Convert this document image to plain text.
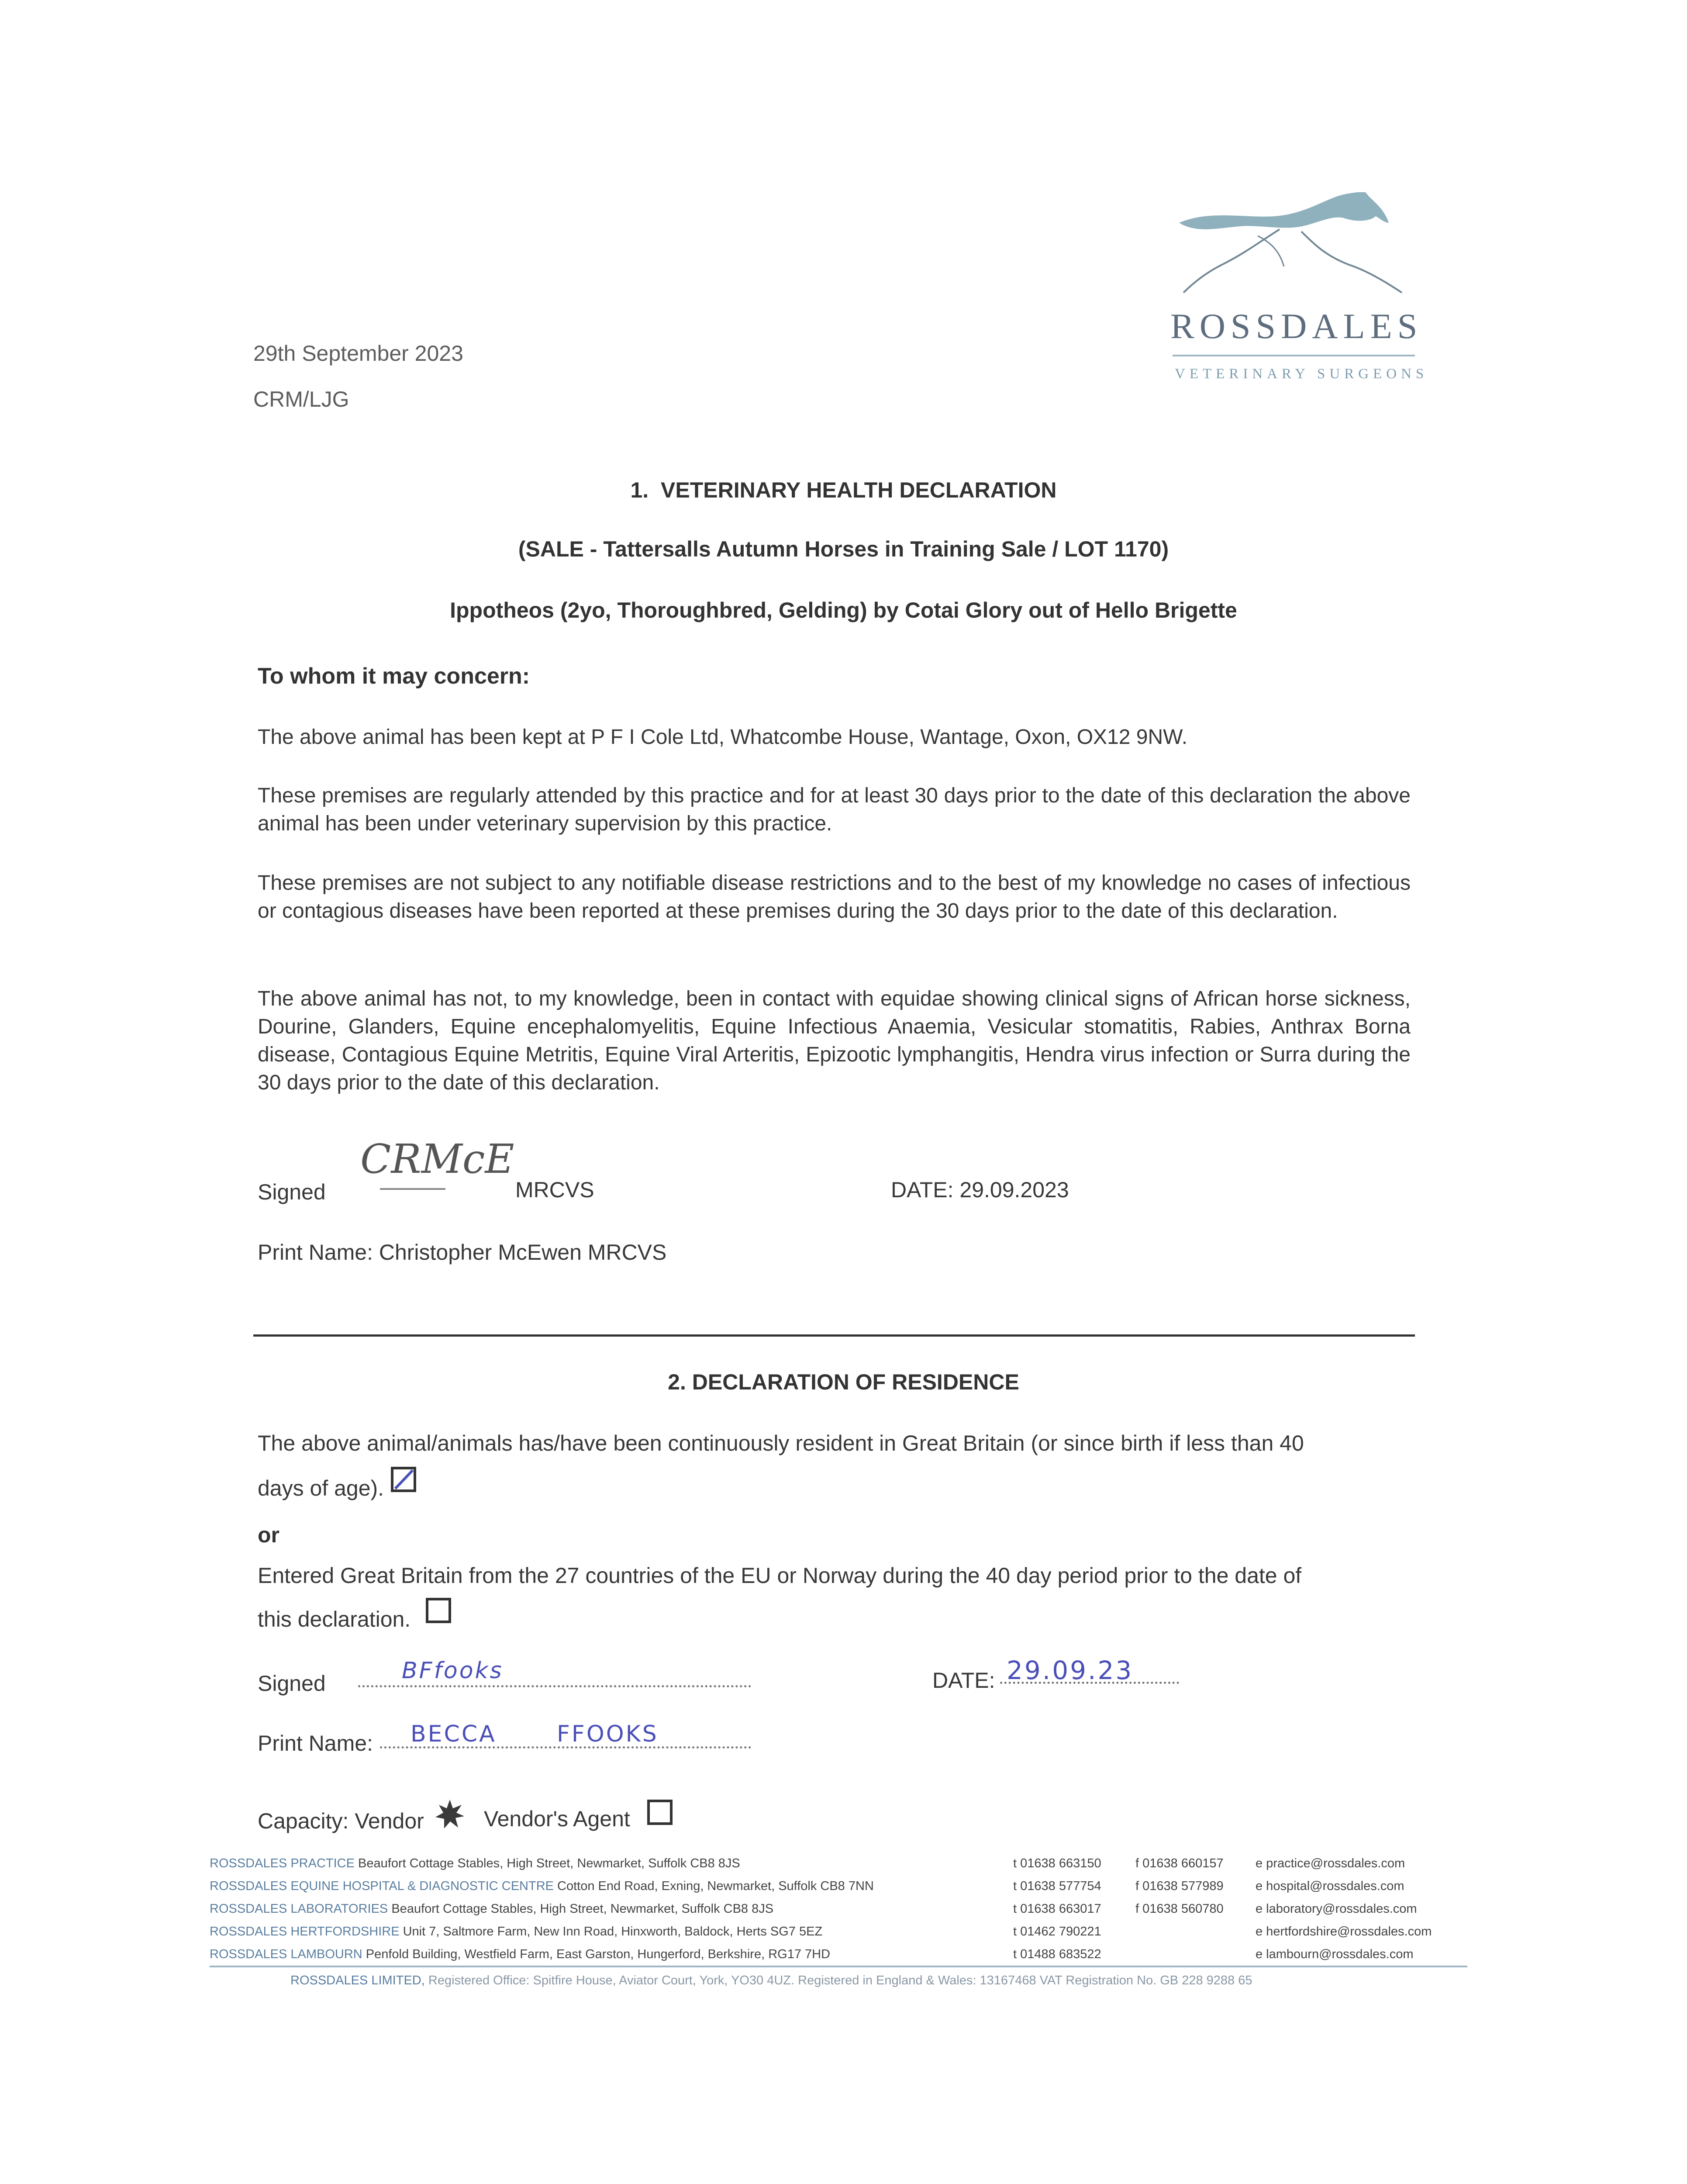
29th September 2023
CRM/LJG
ROSSDALES
VETERINARY SURGEONS
1. VETERINARY HEALTH DECLARATION
(SALE - Tattersalls Autumn Horses in Training Sale / LOT 1170)
Ippotheos (2yo, Thoroughbred, Gelding) by Cotai Glory out of Hello Brigette
To whom it may concern:
The above animal has been kept at P F I Cole Ltd, Whatcombe House, Wantage, Oxon, OX12 9NW.
These premises are regularly attended by this practice and for at least 30 days prior to the date of this declaration the above animal has been under veterinary supervision by this practice.
These premises are not subject to any notifiable disease restrictions and to the best of my knowledge no cases of infectious or contagious diseases have been reported at these premises during the 30 days prior to the date of this declaration.
The above animal has not, to my knowledge, been in contact with equidae showing clinical signs of African horse sickness, Dourine, Glanders, Equine encephalomyelitis, Equine Infectious Anaemia, Vesicular stomatitis, Rabies, Anthrax Borna disease, Contagious Equine Metritis, Equine Viral Arteritis, Epizootic lymphangitis, Hendra virus infection or Surra during the 30 days prior to the date of this declaration.
Signed
CRMcE
MRCVS	DATE: 29.09.2023
Print Name: Christopher McEwen MRCVS
2. DECLARATION OF RESIDENCE
The above animal/animals has/have been continuously resident in Great Britain (or since birth if less than 40
days of age).
or
Entered Great Britain from the 27 countries of the EU or Norway during the 40 day period prior to the date of
this declaration.
Signed	BFfooks	DATE: 29.09.23
Print Name: BECCA	FFOOKS
Capacity: Vendor	Vendor's Agent
ROSSDALES PRACTICE Beaufort Cottage Stables, High Street, Newmarket, Suffolk CB8 8JS	t 01638 663150	f 01638 660157	e practice@rossdales.com
ROSSDALES EQUINE HOSPITAL & DIAGNOSTIC CENTRE Cotton End Road, Exning, Newmarket, Suffolk CB8 7NN	t 01638 577754	f 01638 577989	e hospital@rossdales.com
ROSSDALES LABORATORIES Beaufort Cottage Stables, High Street, Newmarket, Suffolk CB8 8JS	t 01638 663017	f 01638 560780	e laboratory@rossdales.com
ROSSDALES HERTFORDSHIRE Unit 7, Saltmore Farm, New Inn Road, Hinxworth, Baldock, Herts SG7 5EZ	t 01462 790221	e hertfordshire@rossdales.com
ROSSDALES LAMBOURN Penfold Building, Westfield Farm, East Garston, Hungerford, Berkshire, RG17 7HD	t 01488 683522	e lambourn@rossdales.com
ROSSDALES LIMITED, Registered Office: Spitfire House, Aviator Court, York, YO30 4UZ. Registered in England & Wales: 13167468 VAT Registration No. GB 228 9288 65
